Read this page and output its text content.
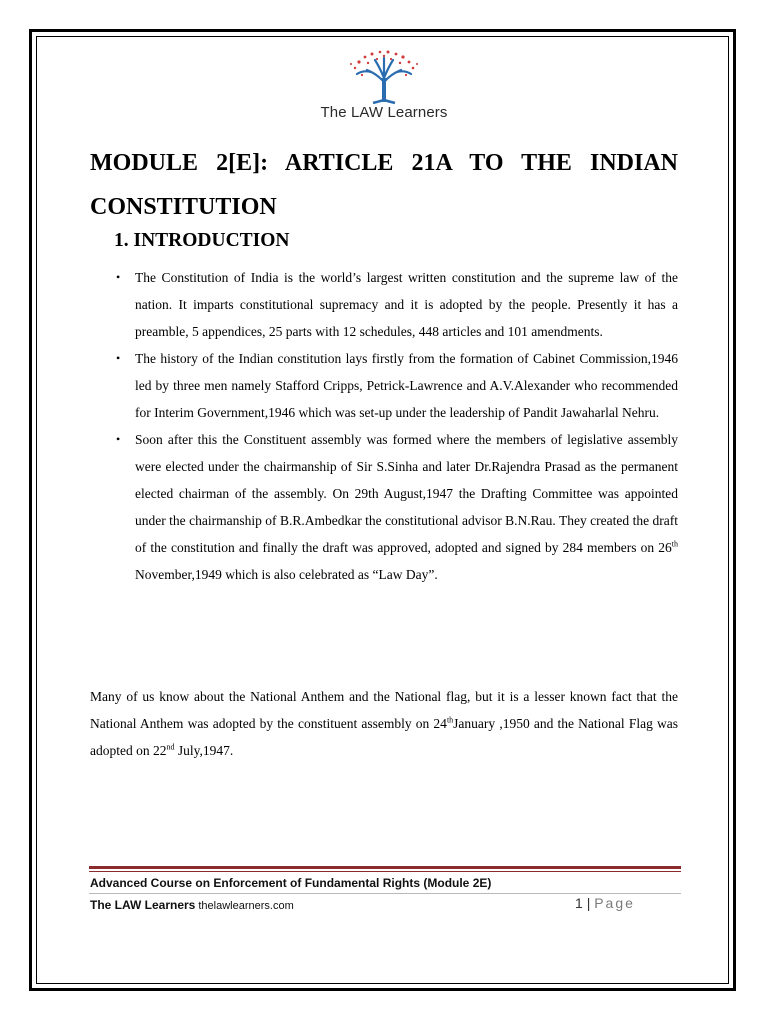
The LAW Learners
MODULE 2[E]: ARTICLE 21A TO THE INDIAN CONSTITUTION
1. INTRODUCTION
• The Constitution of India is the world’s largest written constitution and the supreme law of the nation. It imparts constitutional supremacy and it is adopted by the people. Presently it has a preamble, 5 appendices, 25 parts with 12 schedules, 448 articles and 101 amendments.
• The history of the Indian constitution lays firstly from the formation of Cabinet Commission,1946 led by three men namely Stafford Cripps, Petrick-Lawrence and A.V.Alexander who recommended for Interim Government,1946 which was set-up under the leadership of Pandit Jawaharlal Nehru.
• Soon after this the Constituent assembly was formed where the members of legislative assembly were elected under the chairmanship of Sir S.Sinha and later Dr.Rajendra Prasad as the permanent elected chairman of the assembly. On 29th August,1947 the Drafting Committee was appointed under the chairmanship of B.R.Ambedkar the constitutional advisor B.N.Rau. They created the draft of the constitution and finally the draft was approved, adopted and signed by 284 members on 26th November,1949 which is also celebrated as “Law Day”.
Many of us know about the National Anthem and the National flag, but it is a lesser known fact that the National Anthem was adopted by the constituent assembly on 24thJanuary ,1950 and the National Flag was adopted on 22nd July,1947.
Advanced Course on Enforcement of Fundamental Rights (Module 2E)
The LAW Learners thelawlearners.com	1 | Page
